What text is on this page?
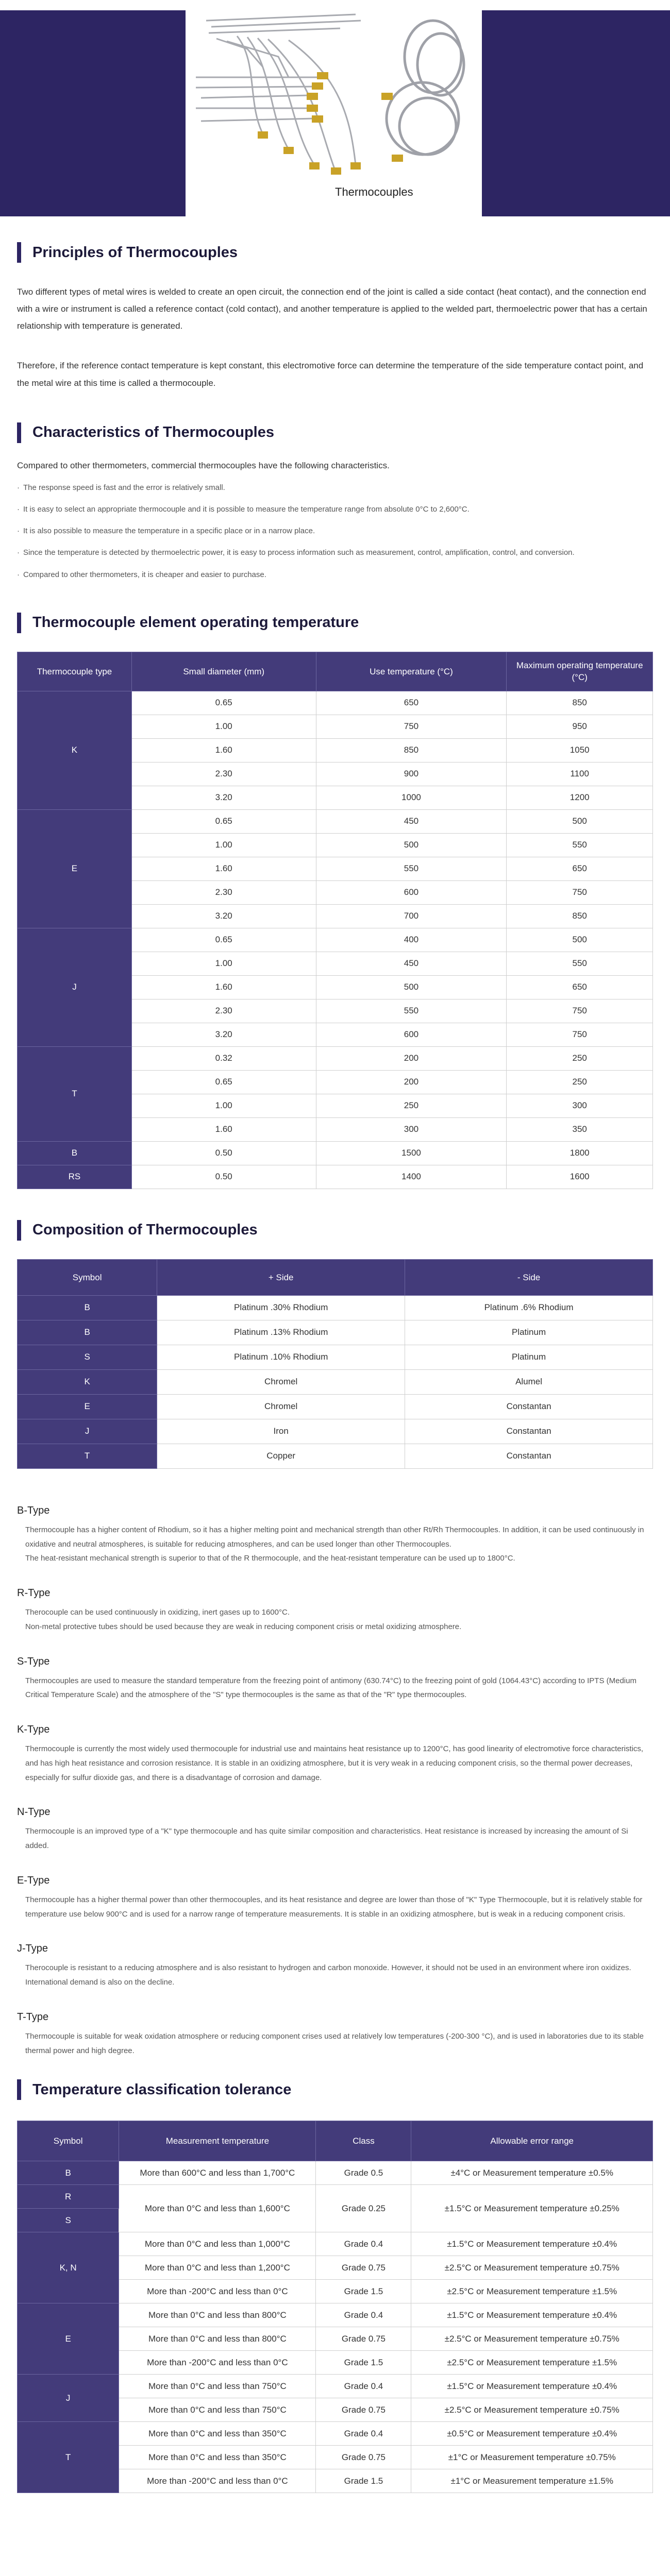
Thermocouples
Principles of Thermocouples

Two different types of metal wires is welded to create an open circuit, the connection end of the joint is called a side contact (heat contact), and the connection end with a wire or instrument is called a reference contact (cold contact), and another temperature is applied to the welded part, thermoelectric power that has a certain relationship with temperature is generated.

Therefore, if the reference contact temperature is kept constant, this electromotive force can determine the temperature of the side temperature contact point, and the metal wire at this time is called a thermocouple.

Characteristics of Thermocouples

Compared to other thermometers, commercial thermocouples have the following characteristics.

· The response speed is fast and the error is relatively small.
· It is easy to select an appropriate thermocouple and it is possible to measure the temperature range from absolute 0°C to 2,600°C.
· It is also possible to measure the temperature in a specific place or in a narrow place.
· Since the temperature is detected by thermoelectric power, it is easy to process information such as measurement, control, amplification, control, and conversion.
· Compared to other thermometers, it is cheaper and easier to purchase.
Thermocouple element operating temperature
Thermocouple type	Small diameter (mm)	Use temperature (°C)	Maximum operating temperature (°C)
K	0.65	650	850
	1.00	750	950
	1.60	850	1050
	2.30	900	1100
	3.20	1000	1200
E	0.65	450	500
	1.00	500	550
	1.60	550	650
	2.30	600	750
	3.20	700	850
J	0.65	400	500
	1.00	450	550
	1.60	500	650
	2.30	550	750
	3.20	600	750
T	0.32	200	250
	0.65	200	250
	1.00	250	300
	1.60	300	350
B	0.50	1500	1800
RS	0.50	1400	1600
Composition of Thermocouples
Symbol	+ Side	- Side
B	Platinum .30% Rhodium	Platinum .6% Rhodium
B	Platinum .13% Rhodium	Platinum
S	Platinum .10% Rhodium	Platinum
K	Chromel	Alumel
E	Chromel	Constantan
J	Iron	Constantan
T	Copper	Constantan
B-Type

Thermocouple has a higher content of Rhodium, so it has a higher melting point and mechanical strength than other Rt/Rh Thermocouples. In addition, it can be used continuously in oxidative and neutral atmospheres, is suitable for reducing atmospheres, and can be used longer than other Thermocouples.

The heat-resistant mechanical strength is superior to that of the R thermocouple, and the heat-resistant temperature can be used up to 1800°C.

R-Type

Therocouple can be used continuously in oxidizing, inert gases up to 1600°C.

Non-metal protective tubes should be used because they are weak in reducing component crisis or metal oxidizing atmosphere.

S-Type

Thermocouples are used to measure the standard temperature from the freezing point of antimony (630.74°C) to the freezing point of gold (1064.43°C) according to IPTS (Medium Critical Temperature Scale) and the atmosphere of the "S" type thermocouples is the same as that of the "R" type thermocouples.

K-Type

Thermocouple is currently the most widely used thermocouple for industrial use and maintains heat resistance up to 1200°C, has good linearity of electromotive force characteristics, and has high heat resistance and corrosion resistance. It is stable in an oxidizing atmosphere, but it is very weak in a reducing component crisis, so the thermal power decreases, especially for sulfur dioxide gas, and there is a disadvantage of corrosion and damage.

N-Type

Thermocouple is an improved type of a "K" type thermocouple and has quite similar composition and characteristics. Heat resistance is increased by increasing the amount of Si added.

E-Type

Thermocouple has a higher thermal power than other thermocouples, and its heat resistance and degree are lower than those of "K" Type Thermocouple, but it is relatively stable for temperature use below 900°C and is used for a narrow range of temperature measurements. It is stable in an oxidizing atmosphere, but is weak in a reducing component crisis.

J-Type

Therocouple is resistant to a reducing atmosphere and is also resistant to hydrogen and carbon monoxide. However, it should not be used in an environment where iron oxidizes. International demand is also on the decline.

T-Type

Thermocouple is suitable for weak oxidation atmosphere or reducing component crises used at relatively low temperatures (-200-300 °C), and is used in laboratories due to its stable thermal power and high degree.

Temperature classification tolerance
Symbol	Measurement temperature	Class	Allowable error range
B	More than 600°C and less than 1,700°C	Grade 0.5	±4°C or Measurement temperature ±0.5%
R	More than 0°C and less than 1,600°C	Grade 0.25	±1.5°C or Measurement temperature ±0.25%
S			
K, N	More than 0°C and less than 1,000°C	Grade 0.4	±1.5°C or Measurement temperature ±0.4%
	More than 0°C and less than 1,200°C	Grade 0.75	±2.5°C or Measurement temperature ±0.75%
	More than -200°C and less than 0°C	Grade 1.5	±2.5°C or Measurement temperature ±1.5%
E	More than 0°C and less than 800°C	Grade 0.4	±1.5°C or Measurement temperature ±0.4%
	More than 0°C and less than 800°C	Grade 0.75	±2.5°C or Measurement temperature ±0.75%
	More than -200°C and less than 0°C	Grade 1.5	±2.5°C or Measurement temperature ±1.5%
J	More than 0°C and less than 750°C	Grade 0.4	±1.5°C or Measurement temperature ±0.4%
	More than 0°C and less than 750°C	Grade 0.75	±2.5°C or Measurement temperature ±0.75%
T	More than 0°C and less than 350°C	Grade 0.4	±0.5°C or Measurement temperature ±0.4%
	More than 0°C and less than 350°C	Grade 0.75	±1°C or Measurement temperature ±0.75%
	More than -200°C and less than 0°C	Grade 1.5	±1°C or Measurement temperature ±1.5%
